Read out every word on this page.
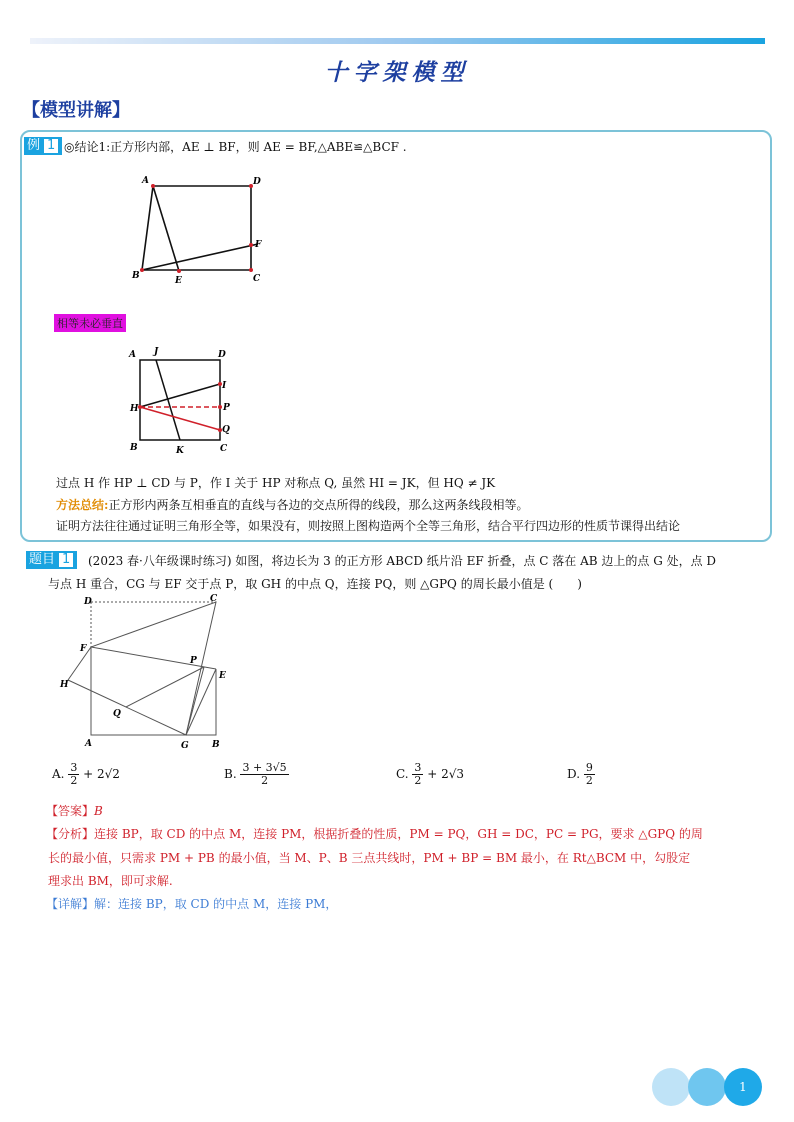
十字架模型
【模型讲解】
例 1 ◎结论1:正方形内部，AE ⊥ BF，则 AE = BF,△ABE≌△BCF .
A	D
F
B	E	C
相等未必垂直
A J	D
I
H	P
Q
B	K	C
过点 H 作 HP ⊥ CD 与 P，作 I 关于 HP 对称点 Q, 虽然 HI = JK，但 HQ ≠ JK
方法总结:正方形内两条互相垂直的直线与各边的交点所得的线段，那么这两条线段相等。
证明方法往往通过证明三角形全等，如果没有，则按照上图构造两个全等三角形，结合平行四边形的性质节课得出结论
题目 1	(2023 春·八年级课时练习) 如图，将边长为 3 的正方形 ABCD 纸片沿 EF 折叠，点 C 落在 AB 边上的点 G 处，点 D
与点 H 重合，CG 与 EF 交于点 P，取 GH 的中点 Q，连接 PQ，则 △GPQ 的周长最小值是 (　　)
D	C
F
P
E
H
Q
A	G	B
A. $\frac{3}{2} + 2√2$	B. $\frac{3 + 3√5}{2}$	C. $\frac{3}{2} + 2√3$	D. $\frac{9}{2}$
【答案】B
【分析】连接 BP，取 CD 的中点 M，连接 PM，根据折叠的性质，PM = PQ，GH = DC，PC = PG，要求 △GPQ 的周
长的最小值，只需求 PM + PB 的最小值，当 M、P、B 三点共线时，PM + BP = BM 最小，在 Rt△BCM 中，勾股定
理求出 BM，即可求解.
【详解】解：连接 BP，取 CD 的中点 M，连接 PM，
1
